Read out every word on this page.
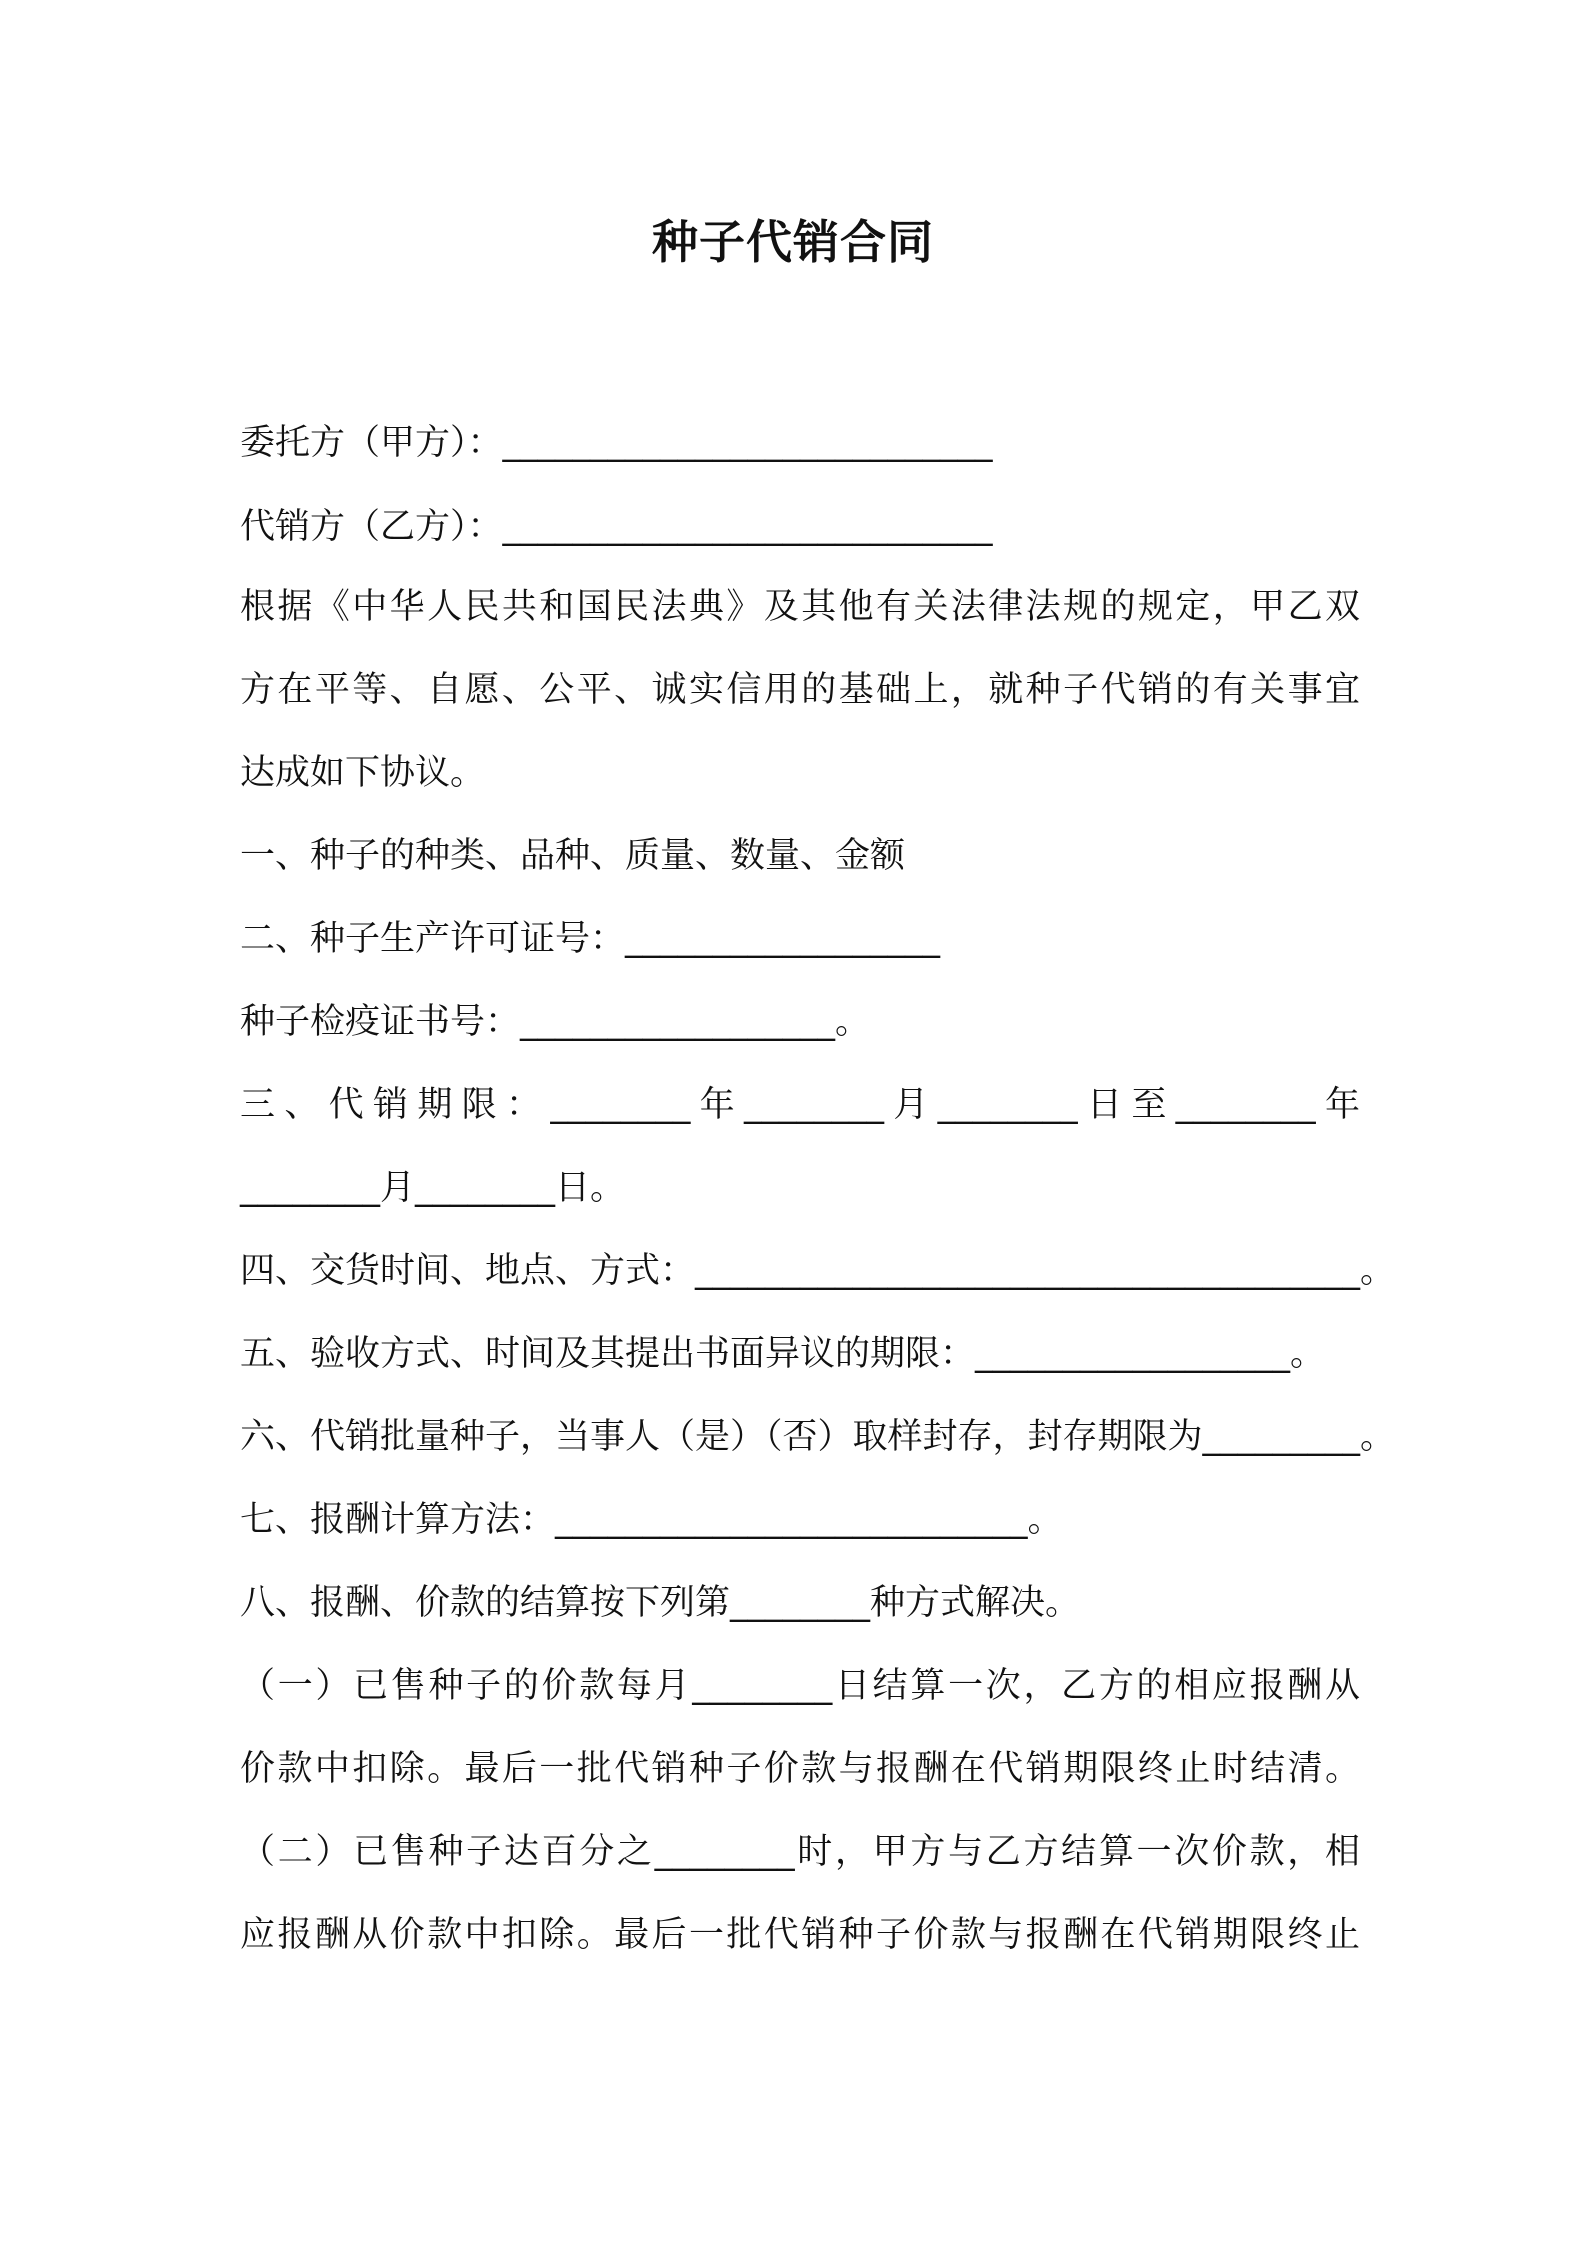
种子代销合同
委托方（甲方）：____________________________
代销方（乙方）：____________________________
根据《中华人民共和国民法典》及其他有关法律法规的规定，甲乙双
方在平等、自愿、公平、诚实信用的基础上，就种子代销的有关事宜
达成如下协议。
一、种子的种类、品种、质量、数量、金额
二、种子生产许可证号：__________________
种子检疫证书号：__________________。
三、代销期限：________年________月________日至________年
________月________日。
四、交货时间、地点、方式：______________________________________。
五、验收方式、时间及其提出书面异议的期限：__________________。
六、代销批量种子，当事人（是）（否）取样封存，封存期限为_________。
七、报酬计算方法：___________________________。
八、报酬、价款的结算按下列第________种方式解决。
（一）已售种子的价款每月________日结算一次，乙方的相应报酬从
价款中扣除。最后一批代销种子价款与报酬在代销期限终止时结清。
（二）已售种子达百分之________时，甲方与乙方结算一次价款，相
应报酬从价款中扣除。最后一批代销种子价款与报酬在代销期限终止
